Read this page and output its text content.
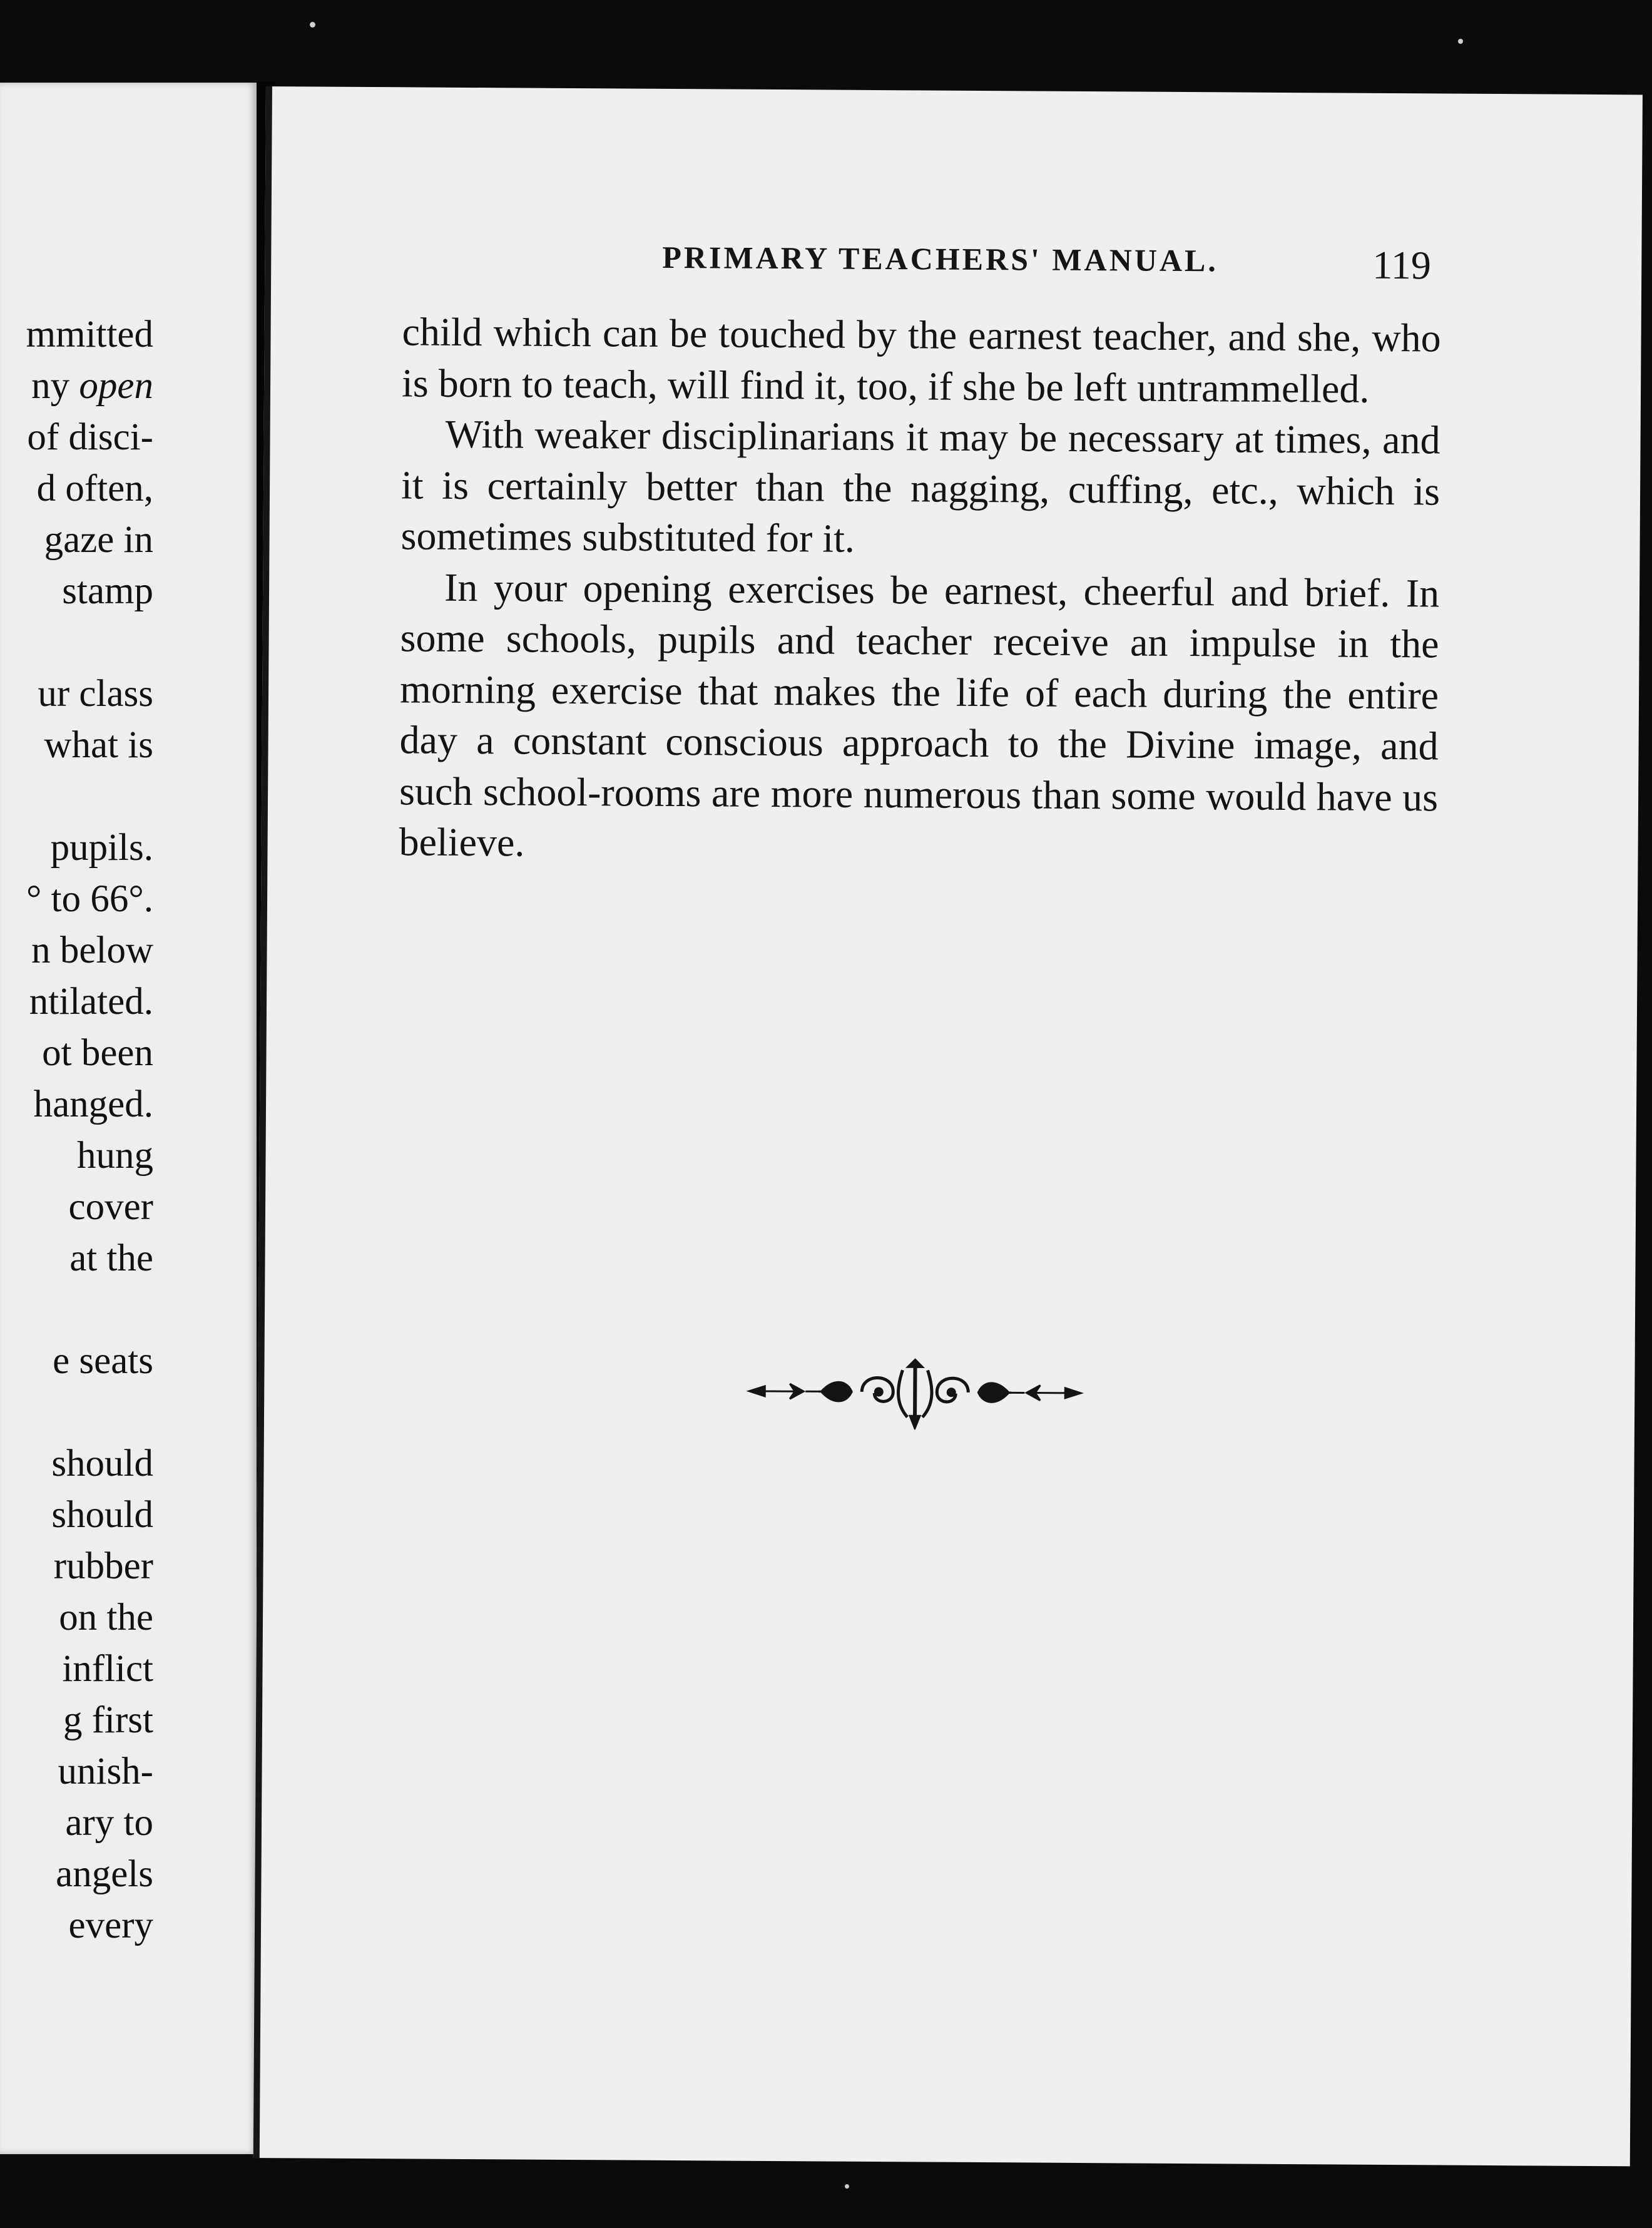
mmitted
ny open
of disci-
d often,
gaze in
stamp
ur class
what is
pupils.
° to 66°.
n below
ntilated.
ot been
hanged.
hung
cover
at the
e seats
should
should
rubber
on the
inflict
g first
unish-
ary to
angels
every
PRIMARY TEACHERS' MANUAL.	119

child which can be touched by the earnest teacher, and she, who is born to teach, will find it, too, if she be left untrammelled.

With weaker disciplinarians it may be necessary at times, and it is certainly better than the nagging, cuffing, etc., which is sometimes substituted for it.

In your opening exercises be earnest, cheerful and brief. In some schools, pupils and teacher receive an impulse in the morning exercise that makes the life of each during the entire day a constant conscious approach to the Divine image, and such school-rooms are more numerous than some would have us believe.
